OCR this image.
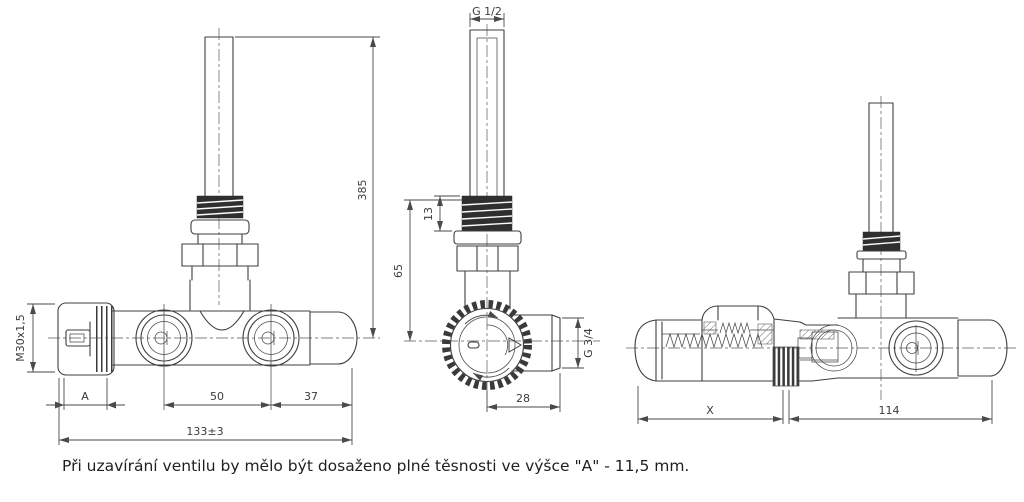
385
M30x1,5
A	50	37
133±3
G 1/2
13
65
G 3/4
28
X	114
Při uzavírání ventilu by mělo být dosaženo plné těsnosti ve výšce "A" - 11,5 mm.
